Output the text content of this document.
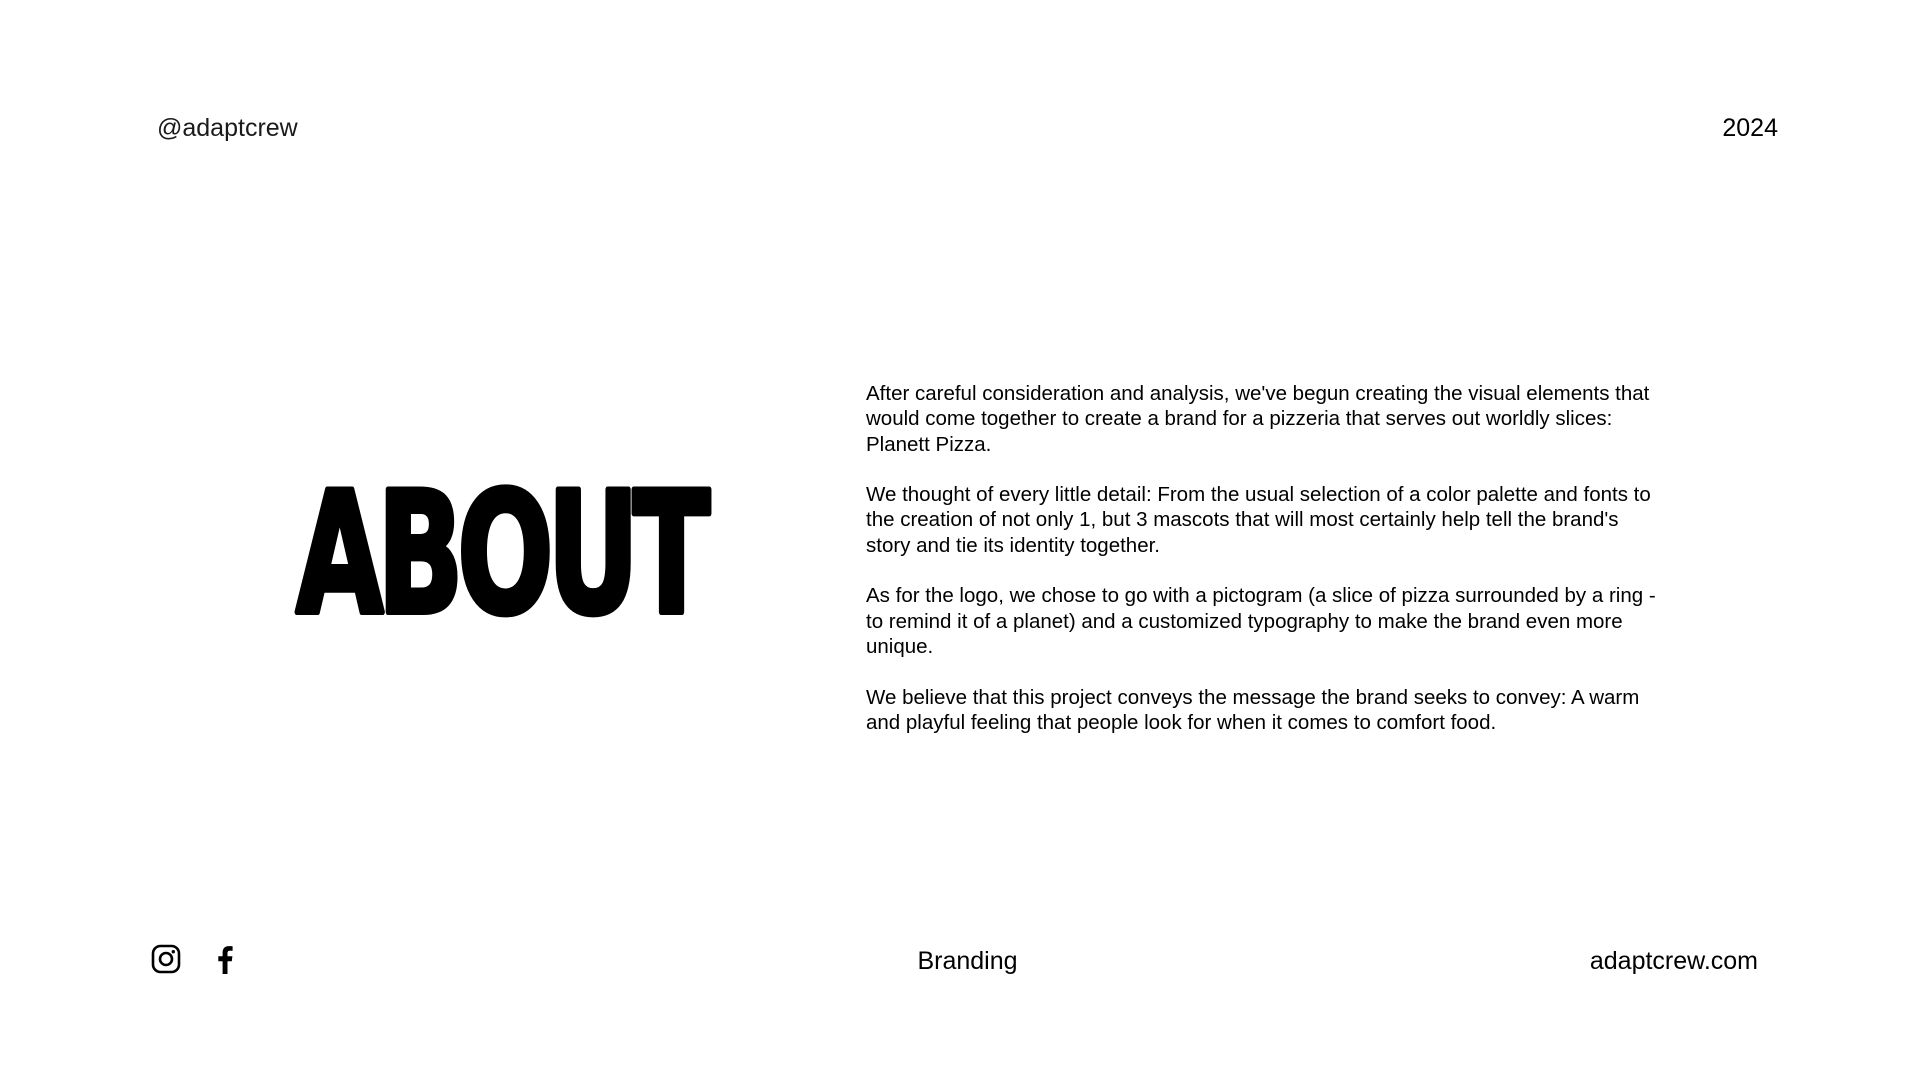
@adaptcrew	2024
ABOUT

After careful consideration and analysis, we've begun creating the visual elements that would come together to create a brand for a pizzeria that serves out worldly slices: Planett Pizza.

We thought of every little detail: From the usual selection of a color palette and fonts to the creation of not only 1, but 3 mascots that will most certainly help tell the brand's story and tie its identity together.

As for the logo, we chose to go with a pictogram (a slice of pizza surrounded by a ring - to remind it of a planet) and a customized typography to make the brand even more unique.

We believe that this project conveys the message the brand seeks to convey: A warm and playful feeling that people look for when it comes to comfort food.

Branding	adaptcrew.com
